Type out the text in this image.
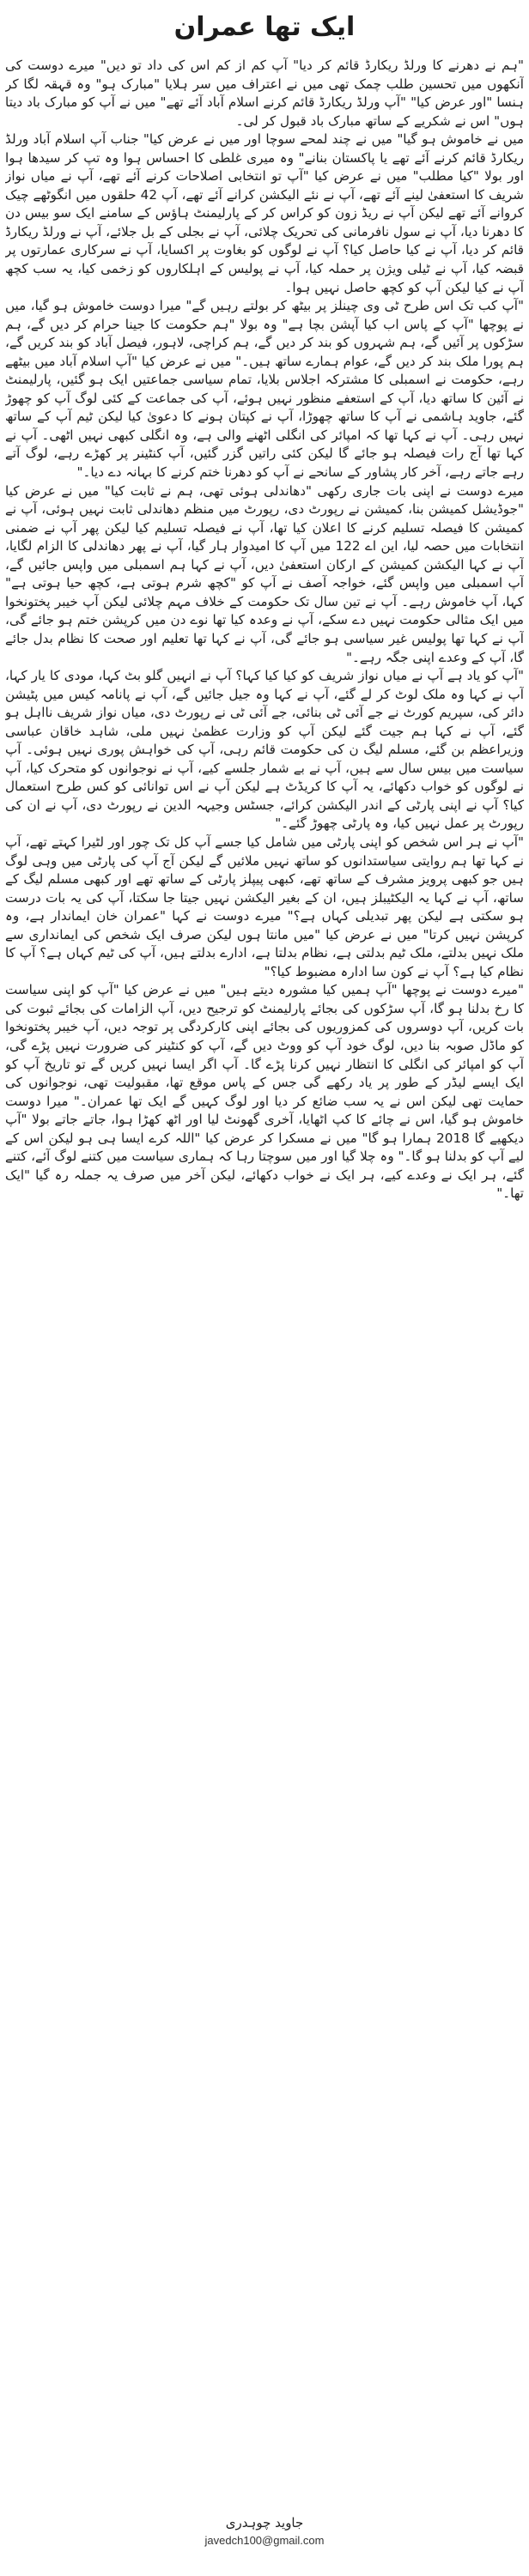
ایک تھا عمران

"ہم نے دھرنے کا ورلڈ ریکارڈ قائم کر دیا" آپ کم از کم اس کی داد تو دیں" میرے دوست کی آنکھوں میں تحسین طلب چمک تھی میں نے اعتراف میں سر ہلایا "مبارک ہو" وہ قہقہ لگا کر ہنسا "اور عرض کیا" "آپ ورلڈ ریکارڈ قائم کرنے اسلام آباد آئے تھے" میں نے آپ کو مبارک باد دیتا ہوں" اس نے شکریے کے ساتھ مبارک باد قبول کر لی۔

میں نے خاموش ہو گیا" میں نے چند لمحے سوچا اور میں نے عرض کیا" جناب آپ اسلام آباد ورلڈ ریکارڈ قائم کرنے آئے تھے یا پاکستان بنانے" وہ میری غلطی کا احساس ہوا وہ تپ کر سیدھا ہوا اور بولا "کیا مطلب" میں نے عرض کیا "آپ تو انتخابی اصلاحات کرنے آئے تھے، آپ نے میاں نواز شریف کا استعفیٰ لینے آئے تھے، آپ نے نئے الیکشن کرانے آئے تھے، آپ 42 حلقوں میں انگوٹھے چیک کروانے آئے تھے لیکن آپ نے ریڈ زون کو کراس کر کے پارلیمنٹ ہاؤس کے سامنے ایک سو بیس دن کا دھرنا دیا، آپ نے سول نافرمانی کی تحریک چلائی، آپ نے بجلی کے بل جلائے، آپ نے ورلڈ ریکارڈ قائم کر دیا، آپ نے کیا حاصل کیا؟ آپ نے لوگوں کو بغاوت پر اکسایا، آپ نے سرکاری عمارتوں پر قبضہ کیا، آپ نے ٹیلی ویژن پر حملہ کیا، آپ نے پولیس کے اہلکاروں کو زخمی کیا، یہ سب کچھ آپ نے کیا لیکن آپ کو کچھ حاصل نہیں ہوا۔

"آپ کب تک اس طرح ٹی وی چینلز پر بیٹھ کر بولتے رہیں گے" میرا دوست خاموش ہو گیا، میں نے پوچھا "آپ کے پاس اب کیا آپشن بچا ہے" وہ بولا "ہم حکومت کا جینا حرام کر دیں گے، ہم سڑکوں پر آئیں گے، ہم شہروں کو بند کر دیں گے، ہم کراچی، لاہور، فیصل آباد کو بند کریں گے، ہم پورا ملک بند کر دیں گے، عوام ہمارے ساتھ ہیں۔" میں نے عرض کیا "آپ اسلام آباد میں بیٹھے رہے، حکومت نے اسمبلی کا مشترکہ اجلاس بلایا، تمام سیاسی جماعتیں ایک ہو گئیں، پارلیمنٹ نے آئین کا ساتھ دیا، آپ کے استعفے منظور نہیں ہوئے، آپ کی جماعت کے کئی لوگ آپ کو چھوڑ گئے، جاوید ہاشمی نے آپ کا ساتھ چھوڑا، آپ نے کپتان ہونے کا دعویٰ کیا لیکن ٹیم آپ کے ساتھ نہیں رہی۔ آپ نے کہا تھا کہ امپائر کی انگلی اٹھنے والی ہے، وہ انگلی کبھی نہیں اٹھی۔ آپ نے کہا تھا آج رات فیصلہ ہو جائے گا لیکن کئی راتیں گزر گئیں، آپ کنٹینر پر کھڑے رہے، لوگ آتے رہے جاتے رہے، آخر کار پشاور کے سانحے نے آپ کو دھرنا ختم کرنے کا بہانہ دے دیا۔"

میرے دوست نے اپنی بات جاری رکھی "دھاندلی ہوئی تھی، ہم نے ثابت کیا" میں نے عرض کیا "جوڈیشل کمیشن بنا، کمیشن نے رپورٹ دی، رپورٹ میں منظم دھاندلی ثابت نہیں ہوئی، آپ نے کمیشن کا فیصلہ تسلیم کرنے کا اعلان کیا تھا، آپ نے فیصلہ تسلیم کیا لیکن پھر آپ نے ضمنی انتخابات میں حصہ لیا، این اے 122 میں آپ کا امیدوار ہار گیا، آپ نے پھر دھاندلی کا الزام لگایا، آپ نے کہا الیکشن کمیشن کے ارکان استعفیٰ دیں، آپ نے کہا ہم اسمبلی میں واپس جائیں گے، آپ اسمبلی میں واپس گئے، خواجہ آصف نے آپ کو "کچھ شرم ہوتی ہے، کچھ حیا ہوتی ہے" کہا، آپ خاموش رہے۔ آپ نے تین سال تک حکومت کے خلاف مہم چلائی لیکن آپ خیبر پختونخوا میں ایک مثالی حکومت نہیں دے سکے، آپ نے وعدہ کیا تھا نوے دن میں کرپشن ختم ہو جائے گی، آپ نے کہا تھا پولیس غیر سیاسی ہو جائے گی، آپ نے کہا تھا تعلیم اور صحت کا نظام بدل جائے گا، آپ کے وعدے اپنی جگہ رہے۔"

"آپ کو یاد ہے آپ نے میاں نواز شریف کو کیا کیا کہا؟ آپ نے انہیں گلو بٹ کہا، مودی کا یار کہا، آپ نے کہا وہ ملک لوٹ کر لے گئے، آپ نے کہا وہ جیل جائیں گے، آپ نے پانامہ کیس میں پٹیشن دائر کی، سپریم کورٹ نے جے آئی ٹی بنائی، جے آئی ٹی نے رپورٹ دی، میاں نواز شریف نااہل ہو گئے، آپ نے کہا ہم جیت گئے لیکن آپ کو وزارت عظمیٰ نہیں ملی، شاہد خاقان عباسی وزیراعظم بن گئے، مسلم لیگ ن کی حکومت قائم رہی، آپ کی خواہش پوری نہیں ہوئی۔ آپ سیاست میں بیس سال سے ہیں، آپ نے بے شمار جلسے کیے، آپ نے نوجوانوں کو متحرک کیا، آپ نے لوگوں کو خواب دکھائے، یہ آپ کا کریڈٹ ہے لیکن آپ نے اس توانائی کو کس طرح استعمال کیا؟ آپ نے اپنی پارٹی کے اندر الیکشن کرائے، جسٹس وجیہہ الدین نے رپورٹ دی، آپ نے ان کی رپورٹ پر عمل نہیں کیا، وہ پارٹی چھوڑ گئے۔"

"آپ نے ہر اس شخص کو اپنی پارٹی میں شامل کیا جسے آپ کل تک چور اور لٹیرا کہتے تھے، آپ نے کہا تھا ہم روایتی سیاستدانوں کو ساتھ نہیں ملائیں گے لیکن آج آپ کی پارٹی میں وہی لوگ ہیں جو کبھی پرویز مشرف کے ساتھ تھے، کبھی پیپلز پارٹی کے ساتھ تھے اور کبھی مسلم لیگ کے ساتھ، آپ نے کہا یہ الیکٹیبلز ہیں، ان کے بغیر الیکشن نہیں جیتا جا سکتا، آپ کی یہ بات درست ہو سکتی ہے لیکن پھر تبدیلی کہاں ہے؟" میرے دوست نے کہا "عمران خان ایماندار ہے، وہ کرپشن نہیں کرتا" میں نے عرض کیا "میں مانتا ہوں لیکن صرف ایک شخص کی ایمانداری سے ملک نہیں بدلتے، ملک ٹیم بدلتی ہے، نظام بدلتا ہے، ادارے بدلتے ہیں، آپ کی ٹیم کہاں ہے؟ آپ کا نظام کیا ہے؟ آپ نے کون سا ادارہ مضبوط کیا؟"

"میرے دوست نے پوچھا "آپ ہمیں کیا مشورہ دیتے ہیں" میں نے عرض کیا "آپ کو اپنی سیاست کا رخ بدلنا ہو گا، آپ سڑکوں کی بجائے پارلیمنٹ کو ترجیح دیں، آپ الزامات کی بجائے ثبوت کی بات کریں، آپ دوسروں کی کمزوریوں کی بجائے اپنی کارکردگی پر توجہ دیں، آپ خیبر پختونخوا کو ماڈل صوبہ بنا دیں، لوگ خود آپ کو ووٹ دیں گے، آپ کو کنٹینر کی ضرورت نہیں پڑے گی، آپ کو امپائر کی انگلی کا انتظار نہیں کرنا پڑے گا۔ آپ اگر ایسا نہیں کریں گے تو تاریخ آپ کو ایک ایسے لیڈر کے طور پر یاد رکھے گی جس کے پاس موقع تھا، مقبولیت تھی، نوجوانوں کی حمایت تھی لیکن اس نے یہ سب ضائع کر دیا اور لوگ کہیں گے ایک تھا عمران۔" میرا دوست خاموش ہو گیا، اس نے چائے کا کپ اٹھایا، آخری گھونٹ لیا اور اٹھ کھڑا ہوا، جاتے جاتے بولا "آپ دیکھیے گا 2018 ہمارا ہو گا" میں نے مسکرا کر عرض کیا "اللہ کرے ایسا ہی ہو لیکن اس کے لیے آپ کو بدلنا ہو گا۔" وہ چلا گیا اور میں سوچتا رہا کہ ہماری سیاست میں کتنے لوگ آئے، کتنے گئے، ہر ایک نے وعدے کیے، ہر ایک نے خواب دکھائے، لیکن آخر میں صرف یہ جملہ رہ گیا "ایک تھا۔"

جاوید چوہدری
javedch100@gmail.com
